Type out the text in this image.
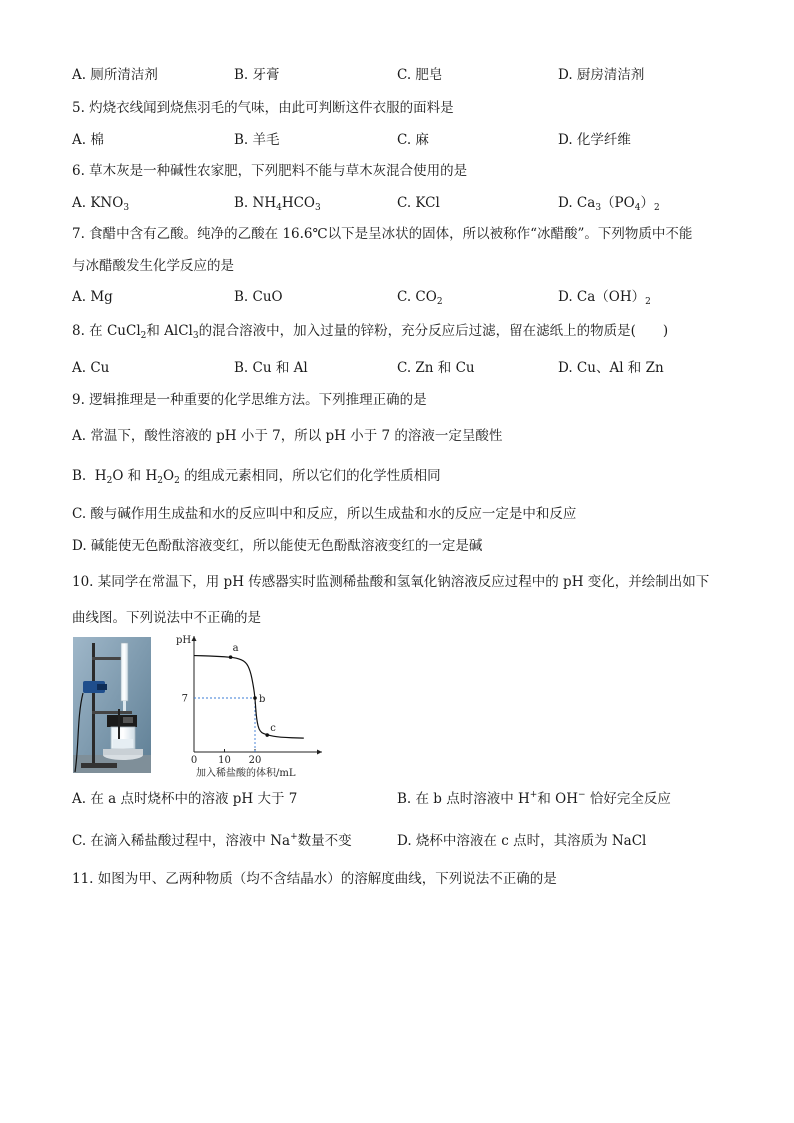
A. 厕所清洁剂	B. 牙膏	C. 肥皂	D. 厨房清洁剂
5. 灼烧衣线闻到烧焦羽毛的气味，由此可判断这件衣服的面料是
A. 棉	B. 羊毛	C. 麻	D. 化学纤维
6. 草木灰是一种碱性农家肥，下列肥料不能与草木灰混合使用的是
A. $KNO_3$	B. $NH_4HCO_3$	C. KCl	D. $Ca_3(PO_4)_2$
7. 食醋中含有乙酸。纯净的乙酸在 16.6℃以下是呈冰状的固体，所以被称作“冰醋酸”。下列物质中不能
与冰醋酸发生化学反应的是
A. Mg	B. CuO	C. $CO_2$	D. $Ca(OH)_2$
8. 在 CuCl$_2$和 AlCl$_3$的混合溶液中，加入过量的锌粉，充分反应后过滤，留在滤纸上的物质是(　　)
A. Cu	B. Cu 和 Al	C. Zn 和 Cu	D. Cu、Al 和 Zn
9. 逻辑推理是一种重要的化学思维方法。下列推理正确的是
A. 常温下，酸性溶液的 pH 小于 7，所以 pH 小于 7 的溶液一定呈酸性
B.  $H_2O$ 和 $H_2O_2$ 的组成元素相同，所以它们的化学性质相同
C. 酸与碱作用生成盐和水的反应叫中和反应，所以生成盐和水的反应一定是中和反应
D. 碱能使无色酚酞溶液变红，所以能使无色酚酞溶液变红的一定是碱
10. 某同学在常温下，用 pH 传感器实时监测稀盐酸和氢氧化钠溶液反应过程中的 pH 变化，并绘制出如下
曲线图。下列说法中不正确的是
0 10 20
7
a
b
c
pH
加入稀盐酸的体积/mL
A. 在 a 点时烧杯中的溶液 pH 大于 7	B. 在 b 点时溶液中 H+和 OH− 恰好完全反应
C. 在滴入稀盐酸过程中，溶液中 Na+数量不变	D. 烧杯中溶液在 c 点时，其溶质为 NaCl
11. 如图为甲、乙两种物质（均不含结晶水）的溶解度曲线，下列说法不正确的是
